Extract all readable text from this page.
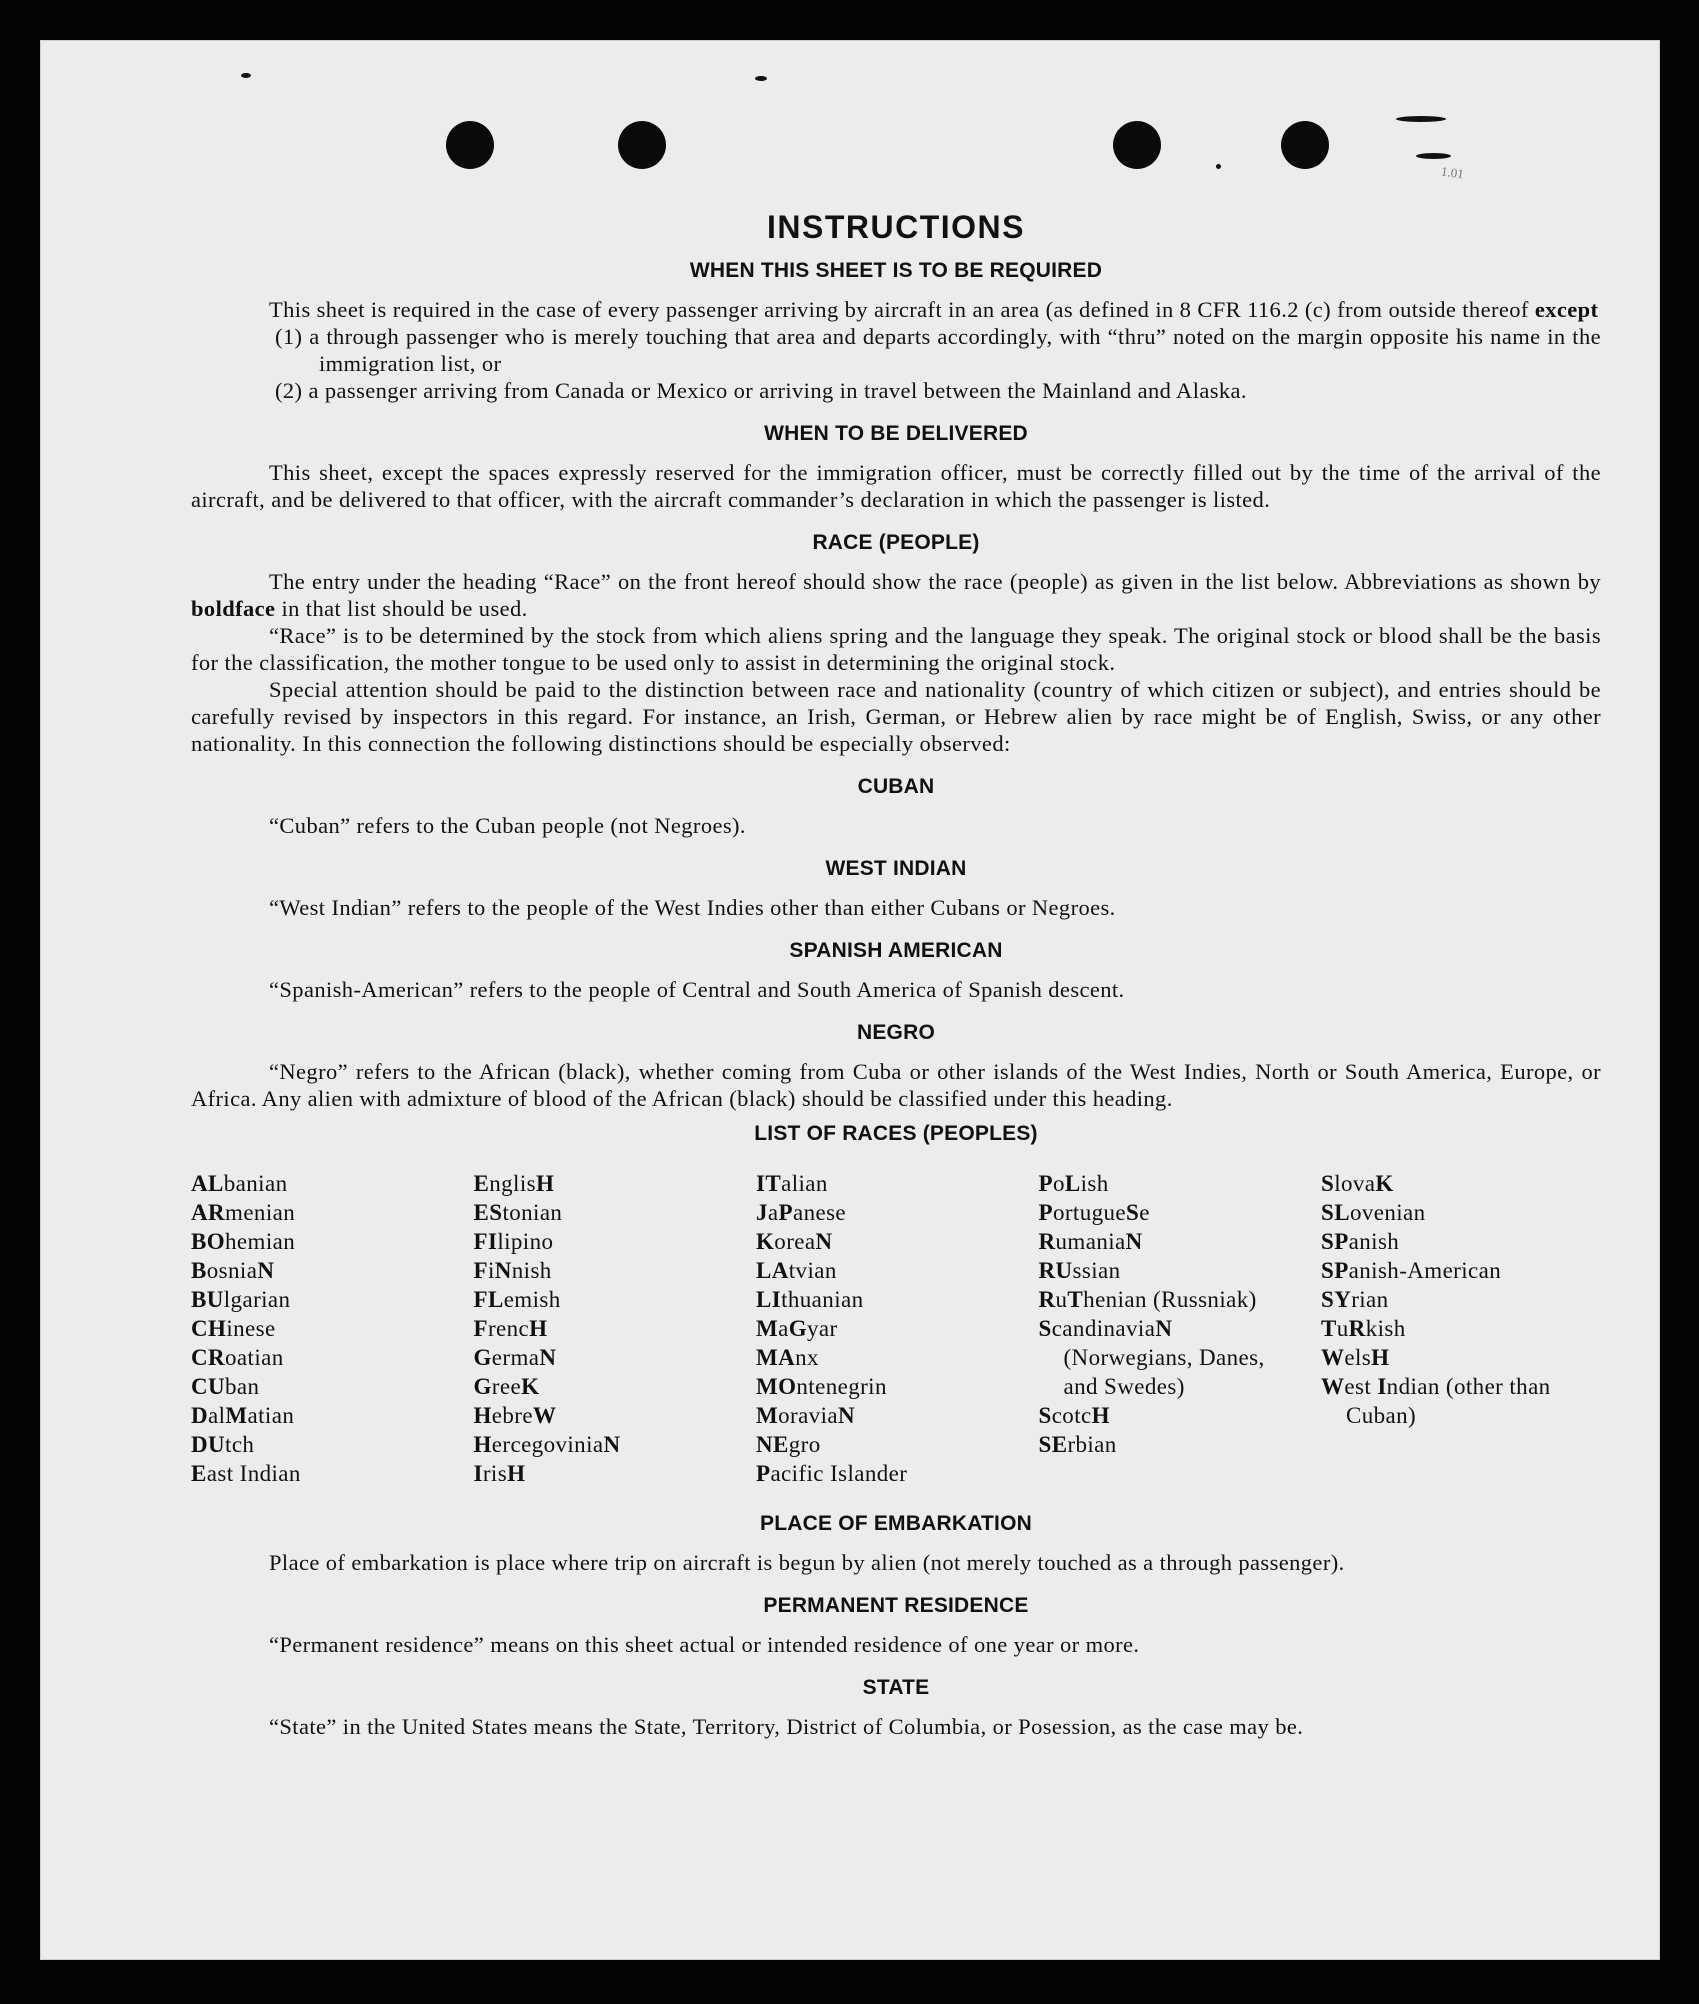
1.01
INSTRUCTIONS
WHEN THIS SHEET IS TO BE REQUIRED

This sheet is required in the case of every passenger arriving by aircraft in an area (as defined in 8 CFR 116.2 (c) from outside thereof except

(1) a through passenger who is merely touching that area and departs accordingly, with “thru” noted on the margin opposite his name in the immigration list, or

(2) a passenger arriving from Canada or Mexico or arriving in travel between the Mainland and Alaska.

WHEN TO BE DELIVERED

This sheet, except the spaces expressly reserved for the immigration officer, must be correctly filled out by the time of the arrival of the aircraft, and be delivered to that officer, with the aircraft commander’s declaration in which the passenger is listed.

RACE (PEOPLE)

The entry under the heading “Race” on the front hereof should show the race (people) as given in the list below. Abbreviations as shown by boldface in that list should be used.

“Race” is to be determined by the stock from which aliens spring and the language they speak. The original stock or blood shall be the basis for the classification, the mother tongue to be used only to assist in determining the original stock.

Special attention should be paid to the distinction between race and nationality (country of which citizen or subject), and entries should be carefully revised by inspectors in this regard. For instance, an Irish, German, or Hebrew alien by race might be of English, Swiss, or any other nationality. In this connection the following distinctions should be especially observed:

CUBAN

“Cuban” refers to the Cuban people (not Negroes).

WEST INDIAN

“West Indian” refers to the people of the West Indies other than either Cubans or Negroes.

SPANISH AMERICAN

“Spanish-American” refers to the people of Central and South America of Spanish descent.

NEGRO

“Negro” refers to the African (black), whether coming from Cuba or other islands of the West Indies, North or South America, Europe, or Africa. Any alien with admixture of blood of the African (black) should be classified under this heading.

LIST OF RACES (PEOPLES)
ALbanian
ARmenian
BOhemian
BosniaN
BUlgarian
CHinese
CRoatian
CUban
DalMatian
DUtch
East Indian
EnglisH
EStonian
FIlipino
FiNnish
FLemish
FrencH
GermaN
GreeK
HebreW
HercegoviniaN
IrisH
ITalian
JaPanese
KoreaN
LAtvian
LIthuanian
MaGyar
MAnx
MOntenegrin
MoraviaN
NEgro
Pacific Islander
PoLish
PortugueSe
RumaniaN
RUssian
RuThenian (Russniak)
ScandinaviaN (Norwegians, Danes, and Swedes)
ScotcH
SErbian
SlovaK
SLovenian
SPanish
SPanish-American
SYrian
TuRkish
WelsH
West Indian (other than Cuban)
PLACE OF EMBARKATION

Place of embarkation is place where trip on aircraft is begun by alien (not merely touched as a through passenger).

PERMANENT RESIDENCE

“Permanent residence” means on this sheet actual or intended residence of one year or more.

STATE

“State” in the United States means the State, Territory, District of Columbia, or Posession, as the case may be.
